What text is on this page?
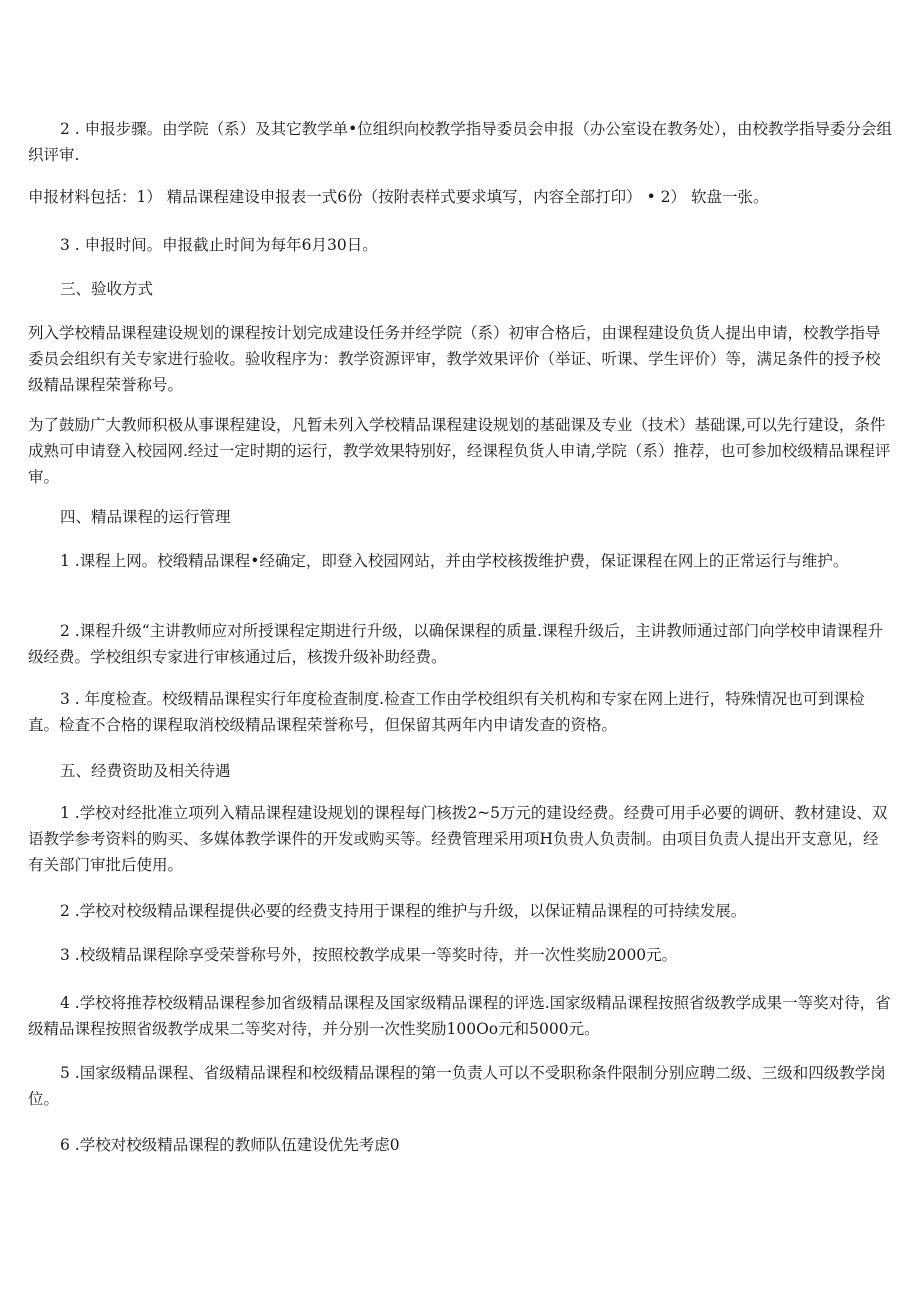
2 . 申报步骤。由学院（系）及其它教学单•位组织向校教学指导委员会申报（办公室设在教务处），由校教学指导委分会组织评审.

申报材料包括：1） 精品课程建设申报表一式6份（按附表样式要求填写，内容全部打印） • 2） 软盘一张。

3 . 申报时间。申报截止时间为每年6月30日。

三、验收方式

列入学校精品课程建设规划的课程按计划完成建设任务并经学院（系）初审合格后，由课程建设负货人提出申请，校教学指导委员会组织有关专家进行验收。验收程序为：教学资源评审，教学效果评价（举证、听课、学生评价）等，满足条件的授予校级精品课程荣誉称号。

为了鼓励广大教师积极从事课程建设，凡暂未列入学校精品课程建设规划的基础课及专业（技术）基础课,可以先行建设，条件成熟可申请登入校园网.经过一定时期的运行，教学效果特别好，经课程负货人申请,学院（系）推荐，也可参加校级精品课程评审。

四、精品课程的运行管理

1 .课程上网。校缎精品课程•经确定，即登入校园网站，并由学校核拨维护费，保证课程在网上的正常运行与维护。

2 .课程升级“主讲教师应对所授课程定期进行升级，以确保课程的质量.课程升级后，主讲教师通过部门向学校申请课程升级经费。学校组织专家进行审核通过后，核拨升级补助经费。

3 . 年度检查。校级精品课程实行年度检查制度.检查工作由学校组织有关机构和专家在网上进行，特殊情况也可到课检直。检査不合格的课程取消校级精品课程荣誉称号，但保留其两年内申请发查的资格。

五、经费资助及相关待遇

1 .学校对经批准立项列入精品课程建设规划的课程每门核拨2~5万元的建设经费。经费可用手必要的调研、教材建设、双语教学参考资料的购买、多媒体教学课件的开发或购买等。经费管理采用项H负贵人负责制。由项目负责人提出开支意见，经有关部门审批后使用。

2 .学校对校级精品课程提供必要的经费支持用于课程的维护与升级，以保证精品课程的可持续发展。

3 .校级精品课程除享受荣誉称号外，按照校教学成果一等奖时待，并一次性奖励2000元。

4 .学校将推荐校级精品课程参加省级精品课程及国家级精品课程的评选.国家级精品课程按照省级教学成果一等奖对待，省级精品课程按照省级教学成果二等奖对待，并分别一次性奖励100Oo元和5000元。

5 .国家级精品课程、省级精品课程和校级精品课程的第一负责人可以不受职称条件限制分别应聘二级、三级和四级教学岗位。

6 .学校对校级精品课程的教师队伍建设优先考虑0
